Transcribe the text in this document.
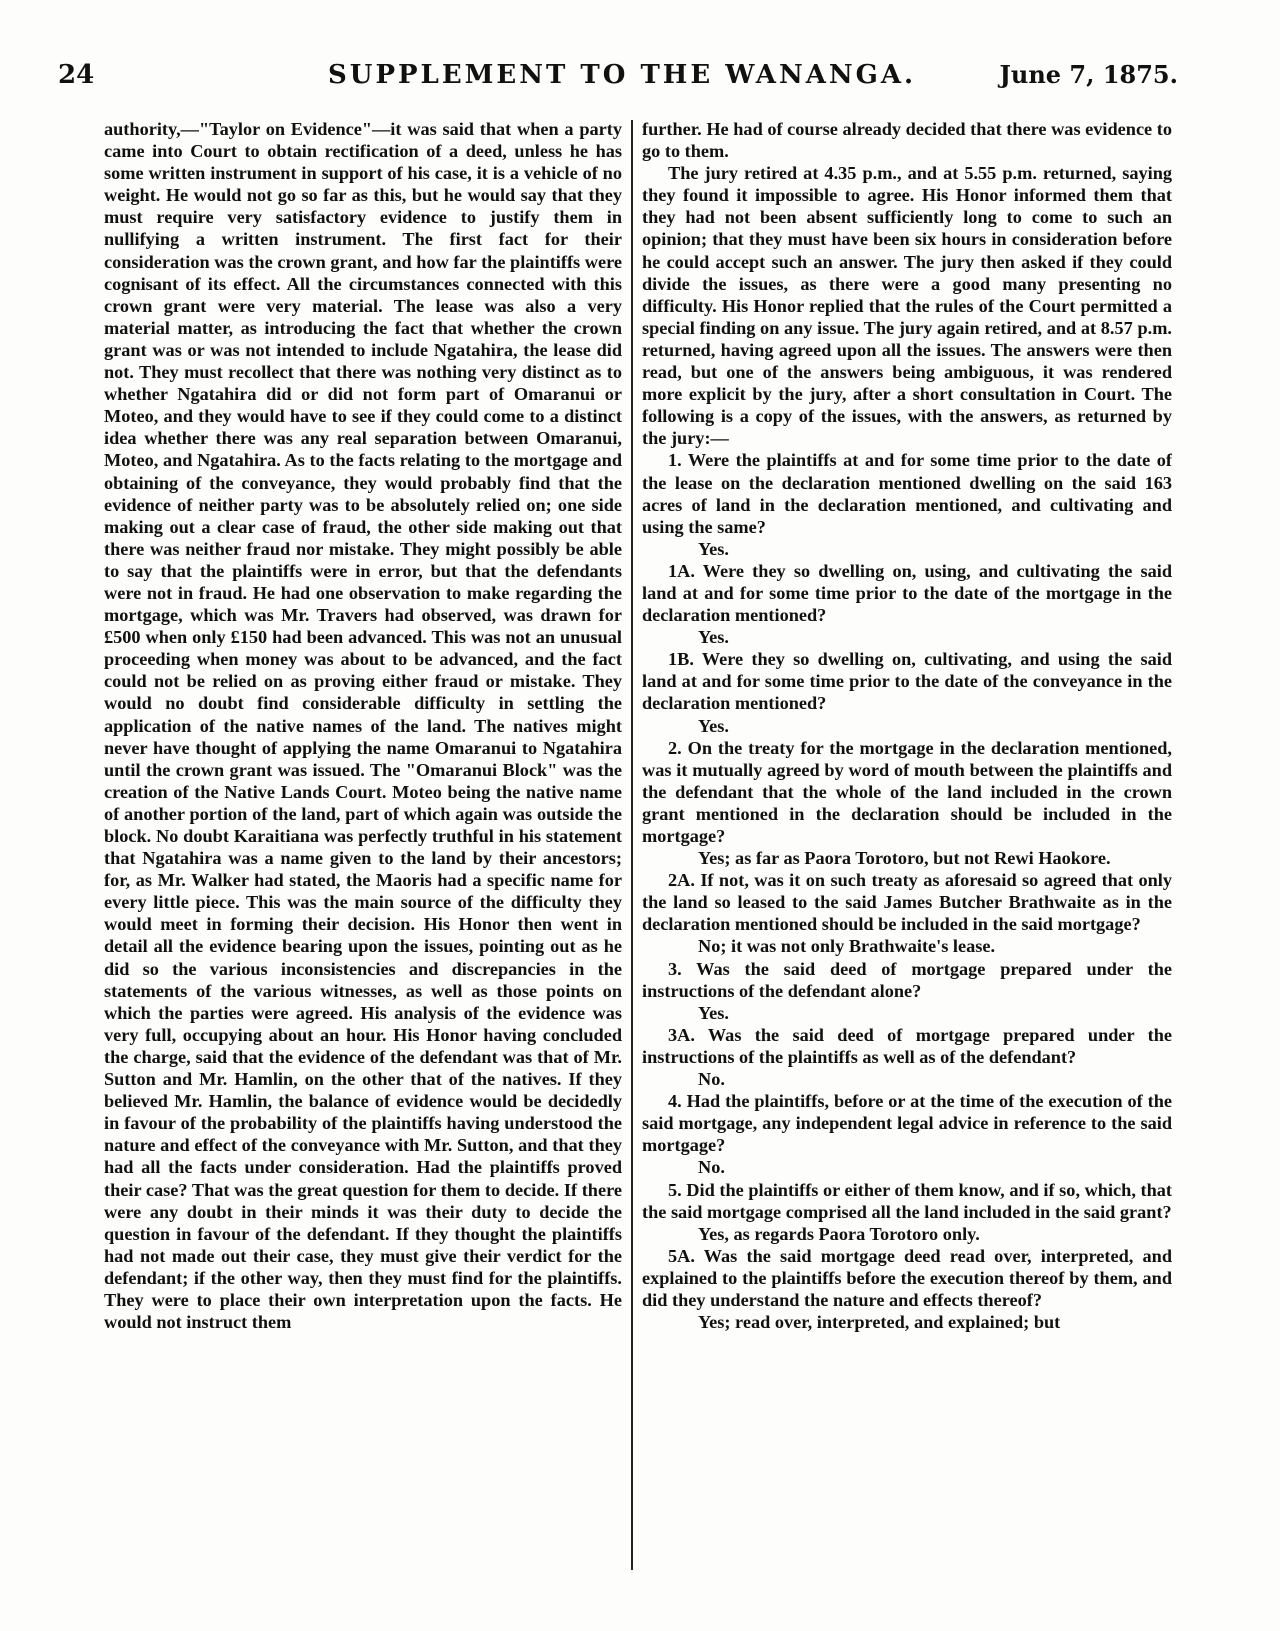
24	SUPPLEMENT TO THE WANANGA.	June 7, 1875.

authority,—"Taylor on Evidence"—it was said that when a party came into Court to obtain rectification of a deed, unless he has some written instrument in support of his case, it is a vehicle of no weight. He would not go so far as this, but he would say that they must require very satisfactory evidence to justify them in nullifying a written instrument. The first fact for their consideration was the crown grant, and how far the plaintiffs were cognisant of its effect. All the circumstances connected with this crown grant were very material. The lease was also a very material matter, as introducing the fact that whether the crown grant was or was not intended to include Ngatahira, the lease did not. They must recollect that there was nothing very distinct as to whether Ngatahira did or did not form part of Omaranui or Moteo, and they would have to see if they could come to a distinct idea whether there was any real separation between Omaranui, Moteo, and Ngatahira. As to the facts relating to the mortgage and obtaining of the conveyance, they would probably find that the evidence of neither party was to be absolutely relied on; one side making out a clear case of fraud, the other side making out that there was neither fraud nor mistake. They might possibly be able to say that the plaintiffs were in error, but that the defendants were not in fraud. He had one observation to make regarding the mortgage, which was Mr. Travers had observed, was drawn for £500 when only £150 had been advanced. This was not an unusual proceeding when money was about to be advanced, and the fact could not be relied on as proving either fraud or mistake. They would no doubt find considerable difficulty in settling the application of the native names of the land. The natives might never have thought of applying the name Omaranui to Ngatahira until the crown grant was issued. The "Omaranui Block" was the creation of the Native Lands Court. Moteo being the native name of another portion of the land, part of which again was outside the block. No doubt Karaitiana was perfectly truthful in his statement that Ngatahira was a name given to the land by their ancestors; for, as Mr. Walker had stated, the Maoris had a specific name for every little piece. This was the main source of the difficulty they would meet in forming their decision. His Honor then went in detail all the evidence bearing upon the issues, pointing out as he did so the various inconsistencies and discrepancies in the statements of the various witnesses, as well as those points on which the parties were agreed. His analysis of the evidence was very full, occupying about an hour. His Honor having concluded the charge, said that the evidence of the defendant was that of Mr. Sutton and Mr. Hamlin, on the other that of the natives. If they believed Mr. Hamlin, the balance of evidence would be decidedly in favour of the probability of the plaintiffs having understood the nature and effect of the conveyance with Mr. Sutton, and that they had all the facts under consideration. Had the plaintiffs proved their case? That was the great question for them to decide. If there were any doubt in their minds it was their duty to decide the question in favour of the defendant. If they thought the plaintiffs had not made out their case, they must give their verdict for the defendant; if the other way, then they must find for the plaintiffs. They were to place their own interpretation upon the facts. He would not instruct them

further. He had of course already decided that there was evidence to go to them.

The jury retired at 4.35 p.m., and at 5.55 p.m. returned, saying they found it impossible to agree. His Honor informed them that they had not been absent sufficiently long to come to such an opinion; that they must have been six hours in consideration before he could accept such an answer. The jury then asked if they could divide the issues, as there were a good many presenting no difficulty. His Honor replied that the rules of the Court permitted a special finding on any issue. The jury again retired, and at 8.57 p.m. returned, having agreed upon all the issues. The answers were then read, but one of the answers being ambiguous, it was rendered more explicit by the jury, after a short consultation in Court. The following is a copy of the issues, with the answers, as returned by the jury:—

1. Were the plaintiffs at and for some time prior to the date of the lease on the declaration mentioned dwelling on the said 163 acres of land in the declaration mentioned, and cultivating and using the same?

Yes.

1A. Were they so dwelling on, using, and cultivating the said land at and for some time prior to the date of the mortgage in the declaration mentioned?

Yes.

1B. Were they so dwelling on, cultivating, and using the said land at and for some time prior to the date of the conveyance in the declaration mentioned?

Yes.

2. On the treaty for the mortgage in the declaration mentioned, was it mutually agreed by word of mouth between the plaintiffs and the defendant that the whole of the land included in the crown grant mentioned in the declaration should be included in the mortgage?

Yes; as far as Paora Torotoro, but not Rewi Haokore.

2A. If not, was it on such treaty as aforesaid so agreed that only the land so leased to the said James Butcher Brathwaite as in the declaration mentioned should be included in the said mortgage?

No; it was not only Brathwaite's lease.

3. Was the said deed of mortgage prepared under the instructions of the defendant alone?

Yes.

3A. Was the said deed of mortgage prepared under the instructions of the plaintiffs as well as of the defendant?

No.

4. Had the plaintiffs, before or at the time of the execution of the said mortgage, any independent legal advice in reference to the said mortgage?

No.

5. Did the plaintiffs or either of them know, and if so, which, that the said mortgage comprised all the land included in the said grant?

Yes, as regards Paora Torotoro only.

5A. Was the said mortgage deed read over, interpreted, and explained to the plaintiffs before the execution thereof by them, and did they understand the nature and effects thereof?

Yes; read over, interpreted, and explained; but
